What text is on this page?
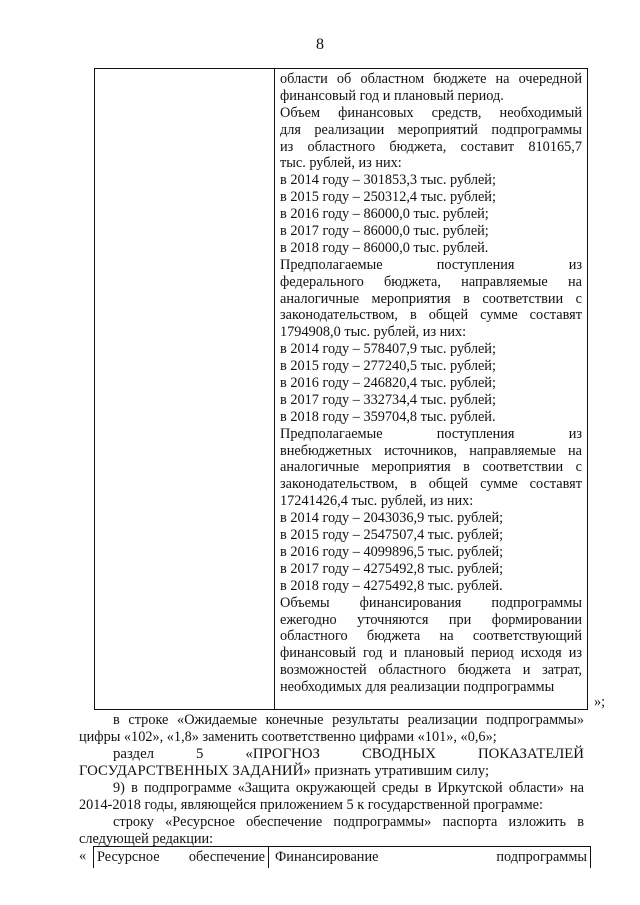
8
области об областном бюджете на очередной
финансовый год и плановый период.
Объем финансовых средств, необходимый
для реализации мероприятий подпрограммы
из областного бюджета, составит 810165,7
тыс. рублей, из них:
в 2014 году – 301853,3 тыс. рублей;
в 2015 году – 250312,4 тыс. рублей;
в 2016 году – 86000,0 тыс. рублей;
в 2017 году – 86000,0 тыс. рублей;
в 2018 году – 86000,0 тыс. рублей.
Предполагаемые поступления из
федерального бюджета, направляемые на
аналогичные мероприятия в соответствии с
законодательством, в общей сумме составят
1794908,0 тыс. рублей, из них:
в 2014 году – 578407,9 тыс. рублей;
в 2015 году – 277240,5 тыс. рублей;
в 2016 году – 246820,4 тыс. рублей;
в 2017 году – 332734,4 тыс. рублей;
в 2018 году – 359704,8 тыс. рублей.
Предполагаемые поступления из
внебюджетных источников, направляемые на
аналогичные мероприятия в соответствии с
законодательством, в общей сумме составят
17241426,4 тыс. рублей, из них:
в 2014 году – 2043036,9 тыс. рублей;
в 2015 году – 2547507,4 тыс. рублей;
в 2016 году – 4099896,5 тыс. рублей;
в 2017 году – 4275492,8 тыс. рублей;
в 2018 году – 4275492,8 тыс. рублей.
Объемы финансирования подпрограммы
ежегодно уточняются при формировании
областного бюджета на соответствующий
финансовый год и плановый период исходя из
возможностей областного бюджета и затрат,
необходимых для реализации подпрограммы
»;
в строке «Ожидаемые конечные результаты реализации подпрограммы» цифры «102», «1,8» заменить соответственно цифрами «101», «0,6»;
раздел 5 «ПРОГНОЗ СВОДНЫХ ПОКАЗАТЕЛЕЙ ГОСУДАРСТВЕННЫХ ЗАДАНИЙ» признать утратившим силу;
9) в подпрограмме «Защита окружающей среды в Иркутской области» на 2014-2018 годы, являющейся приложением 5 к государственной программе:
строку «Ресурсное обеспечение подпрограммы» паспорта изложить в следующей редакции:
« Ресурсное обеспечение Финансирование подпрограммы
